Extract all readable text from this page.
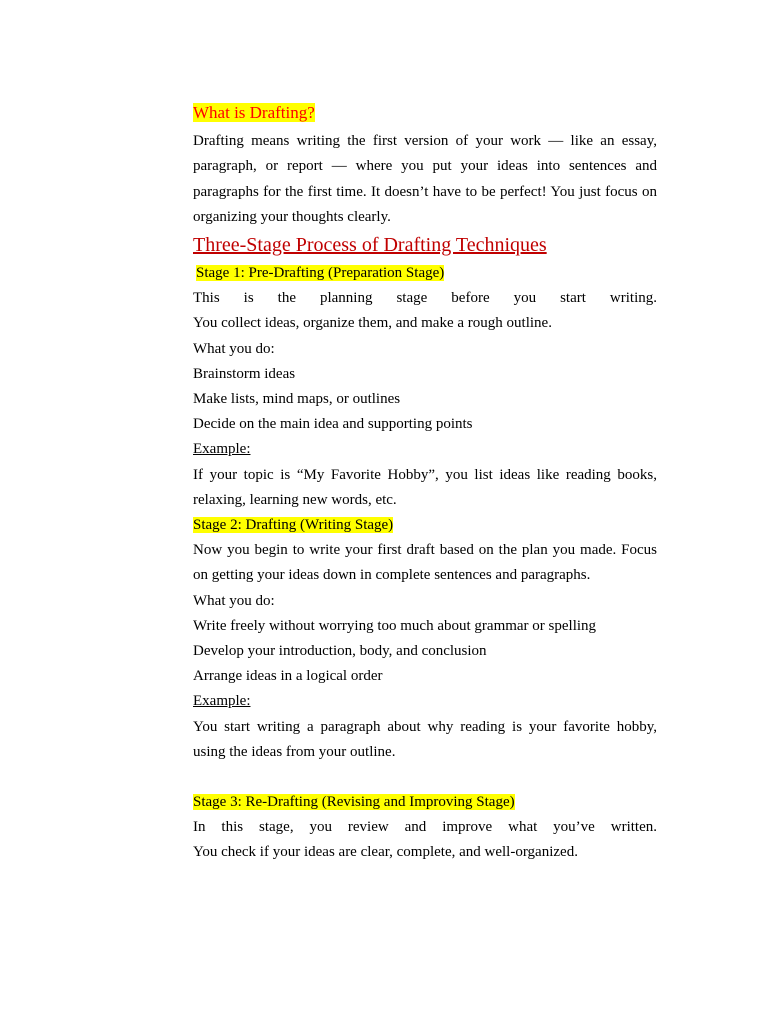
What is Drafting?

Drafting means writing the first version of your work — like an essay, paragraph, or report — where you put your ideas into sentences and paragraphs for the first time. It doesn’t have to be perfect! You just focus on organizing your thoughts clearly.

Three-Stage Process of Drafting Techniques

Stage 1: Pre-Drafting (Preparation Stage)

This is the planning stage before you start writing.

You collect ideas, organize them, and make a rough outline.

What you do:

Brainstorm ideas

Make lists, mind maps, or outlines

Decide on the main idea and supporting points

Example:

If your topic is “My Favorite Hobby”, you list ideas like reading books, relaxing, learning new words, etc.

Stage 2: Drafting (Writing Stage)

Now you begin to write your first draft based on the plan you made. Focus on getting your ideas down in complete sentences and paragraphs.

What you do:

Write freely without worrying too much about grammar or spelling

Develop your introduction, body, and conclusion

Arrange ideas in a logical order

Example:

You start writing a paragraph about why reading is your favorite hobby, using the ideas from your outline.

Stage 3: Re-Drafting (Revising and Improving Stage)

In this stage, you review and improve what you’ve written.

You check if your ideas are clear, complete, and well-organized.
